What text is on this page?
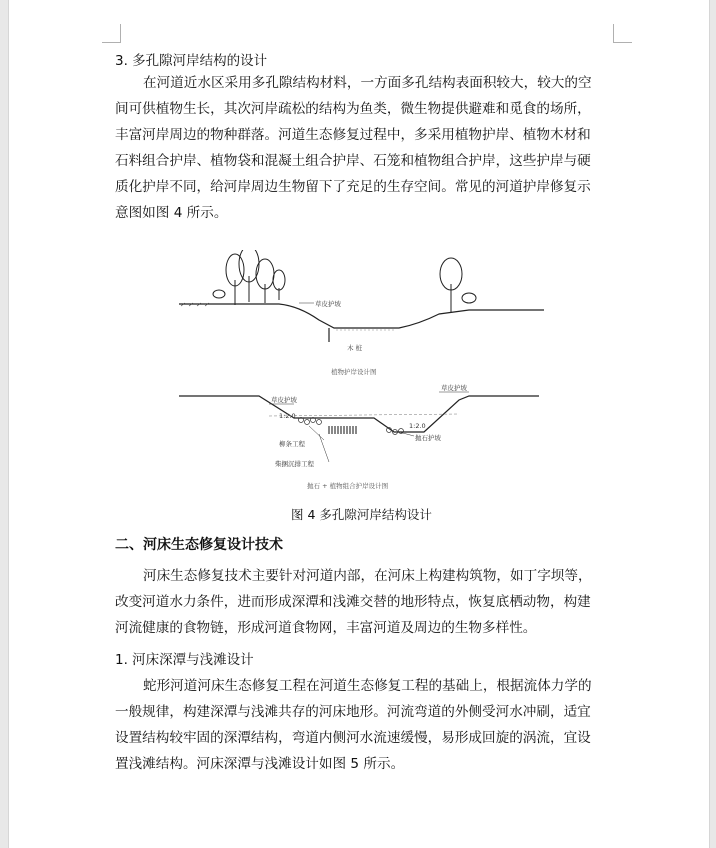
3. 多孔隙河岸结构的设计
在河道近水区采用多孔隙结构材料，一方面多孔结构表面积较大，较大的空
间可供植物生长，其次河岸疏松的结构为鱼类，微生物提供避难和觅食的场所，
丰富河岸周边的物种群落。河道生态修复过程中，多采用植物护岸、植物木材和
石料组合护岸、植物袋和混凝土组合护岸、石笼和植物组合护岸，这些护岸与硬
质化护岸不同，给河岸周边生物留下了充足的生存空间。常见的河道护岸修复示
意图如图 4 所示。
草皮护坡
木 桩
植物护岸设计图
草皮护坡
草皮护坡
1:2.0
1:2.0
柳条工程
柴捆沉排工程
抛石护坡
抛石 + 植物组合护岸设计图
图 4 多孔隙河岸结构设计
二、河床生态修复设计技术
河床生态修复技术主要针对河道内部，在河床上构建构筑物，如丁字坝等，
改变河道水力条件，进而形成深潭和浅滩交替的地形特点，恢复底栖动物，构建
河流健康的食物链，形成河道食物网，丰富河道及周边的生物多样性。
1. 河床深潭与浅滩设计
蛇形河道河床生态修复工程在河道生态修复工程的基础上，根据流体力学的
一般规律，构建深潭与浅滩共存的河床地形。河流弯道的外侧受河水冲刷，适宜
设置结构较牢固的深潭结构，弯道内侧河水流速缓慢，易形成回旋的涡流，宜设
置浅滩结构。河床深潭与浅滩设计如图 5 所示。
